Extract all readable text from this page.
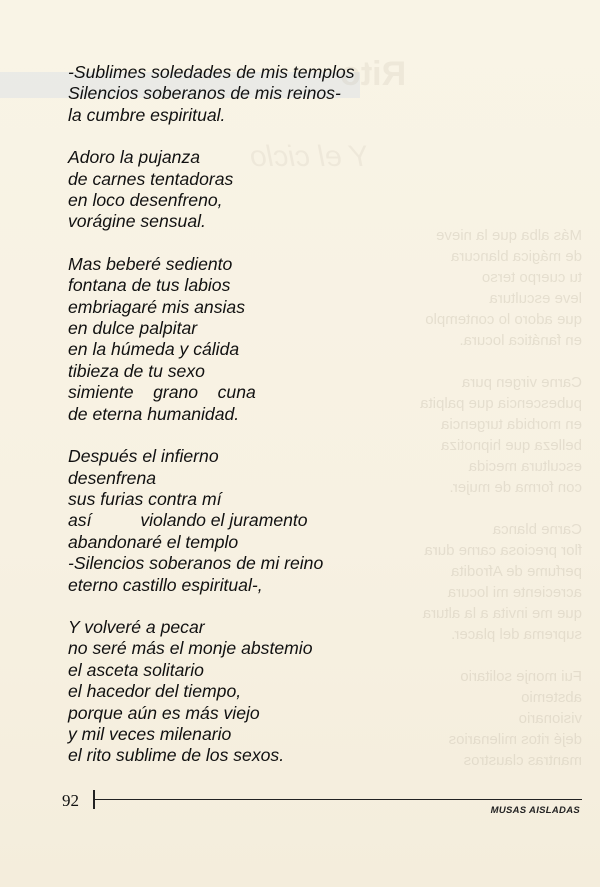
Rito
Y el ciclo
Más alba que la nieve
de mágica blancura
tu cuerpo terso
leve escultura
que adoro lo contemplo
en fanática locura.

Carne virgen pura
pubescencia que palpita
en morbida turgencia
belleza que hipnotiza
escultura mecida
con forma de mujer.

Carne blanca
flor preciosa carne dura
perfume de Afrodita
acreciente mi locura
que me invita a la altura
suprema del placer.

Fui monje solitario
abstemio
visionario
dejé ritos milenarios
mantras claustros
-Sublimes soledades de mis templos
Silencios soberanos de mis reinos-
la cumbre espiritual.
Adoro la pujanza
de carnes tentadoras
en loco desenfreno,
vorágine sensual.
Mas beberé sediento
fontana de tus labios
embriagaré mis ansias
en dulce palpitar
en la húmeda y cálida
tibieza de tu sexo
simiente    grano    cuna
de eterna humanidad.
Después el infierno
desenfrena
sus furias contra mí
así          violando el juramento
abandonaré el templo
-Silencios soberanos de mi reino
eterno castillo espiritual-,
Y volveré a pecar
no seré más el monje abstemio
el asceta solitario
el hacedor del tiempo,
porque aún es más viejo
y mil veces milenario
el rito sublime de los sexos.
92
MUSAS AISLADAS
